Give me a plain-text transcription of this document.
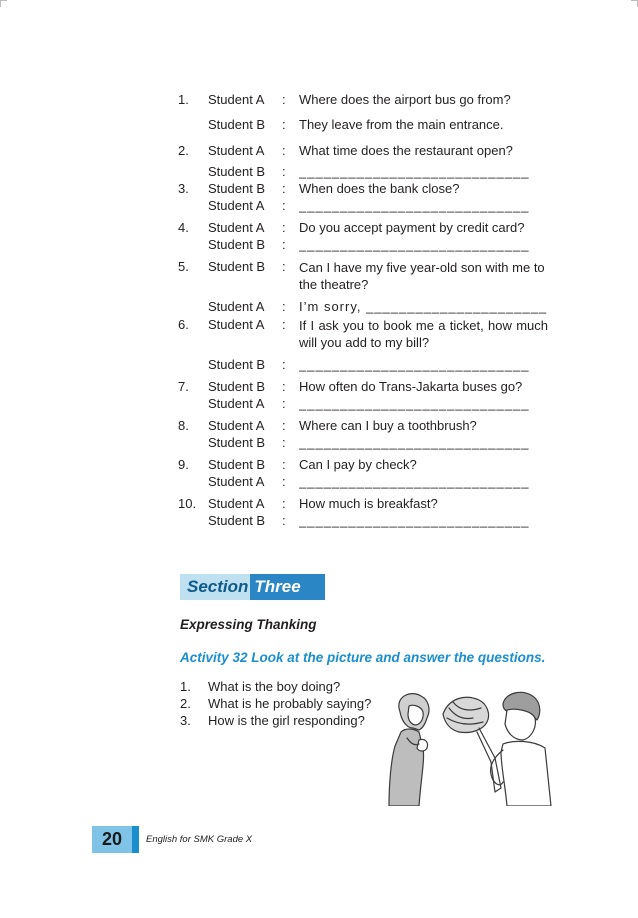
1.	Student A	:	Where does the airport bus go from?
Student B	:	They leave from the main entrance.
2.	Student A	:	What time does the restaurant open?
Student B	:	____________________________
3.	Student B	:	When does the bank close?
Student A	:	____________________________
4.	Student A	:	Do you accept payment by credit card?
Student B	:	____________________________
5.	Student B	:	Can I have my five year-old son with me to the theatre?
Student A	:	I’m sorry, ______________________
6.	Student A	:	If I ask you to book me a ticket, how much will you add to my bill?
Student B	:	____________________________
7.	Student B	:	How often do Trans-Jakarta buses go?
Student A	:	____________________________
8.	Student A	:	Where can I buy a toothbrush?
Student B	:	____________________________
9.	Student B	:	Can I pay by check?
Student A	:	____________________________
10. Student A	:	How much is breakfast?
Student B	:	____________________________
Section Three
Expressing Thanking
Activity 32 Look at the picture and answer the questions.
1.	What is the boy doing?
2.	What is he probably saying?
3.	How is the girl responding?
20	English for SMK Grade X
